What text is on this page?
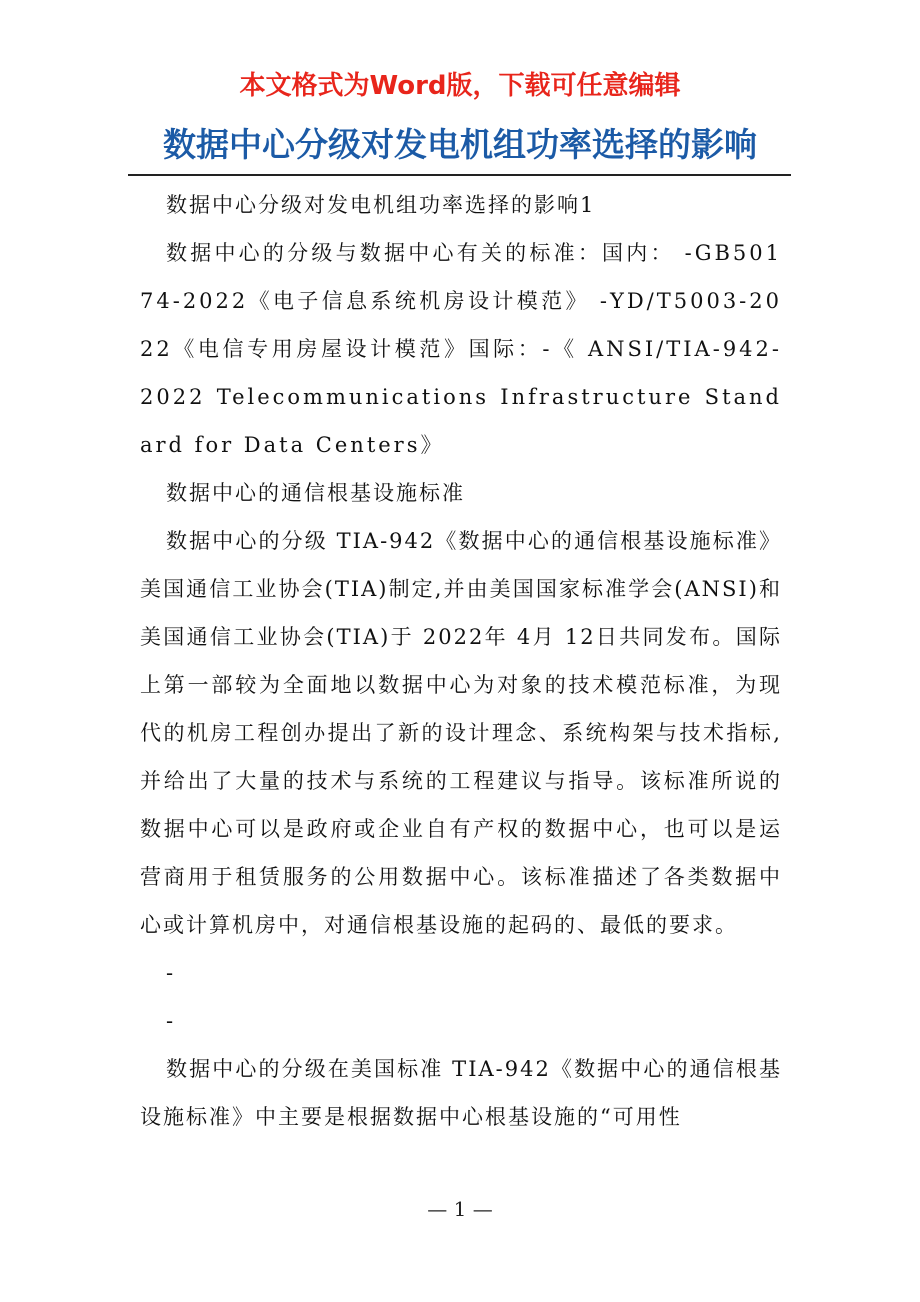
本文格式为Word版，下载可任意编辑
数据中心分级对发电机组功率选择的影响

数据中心分级对发电机组功率选择的影响1

数据中心的分级与数据中心有关的标准：国内： -GB50174-2022《电子信息系统机房设计模范》 -YD/T5003-2022《电信专用房屋设计模范》国际：-《 ANSI/TIA-942-2022 Telecommunications Infrastructure Standard for Data Centers》

数据中心的通信根基设施标准

数据中心的分级 TIA-942《数据中心的通信根基设施标准》美国通信工业协会(TIA)制定,并由美国国家标准学会(ANSI)和美国通信工业协会(TIA)于 2022年 4月 12日共同发布。国际上第一部较为全面地以数据中心为对象的技术模范标准，为现代的机房工程创办提出了新的设计理念、系统构架与技术指标,并给出了大量的技术与系统的工程建议与指导。该标准所说的数据中心可以是政府或企业自有产权的数据中心，也可以是运营商用于租赁服务的公用数据中心。该标准描述了各类数据中心或计算机房中，对通信根基设施的起码的、最低的要求。

-

-

数据中心的分级在美国标准 TIA-942《数据中心的通信根基设施标准》中主要是根据数据中心根基设施的“可用性

— 1 —
